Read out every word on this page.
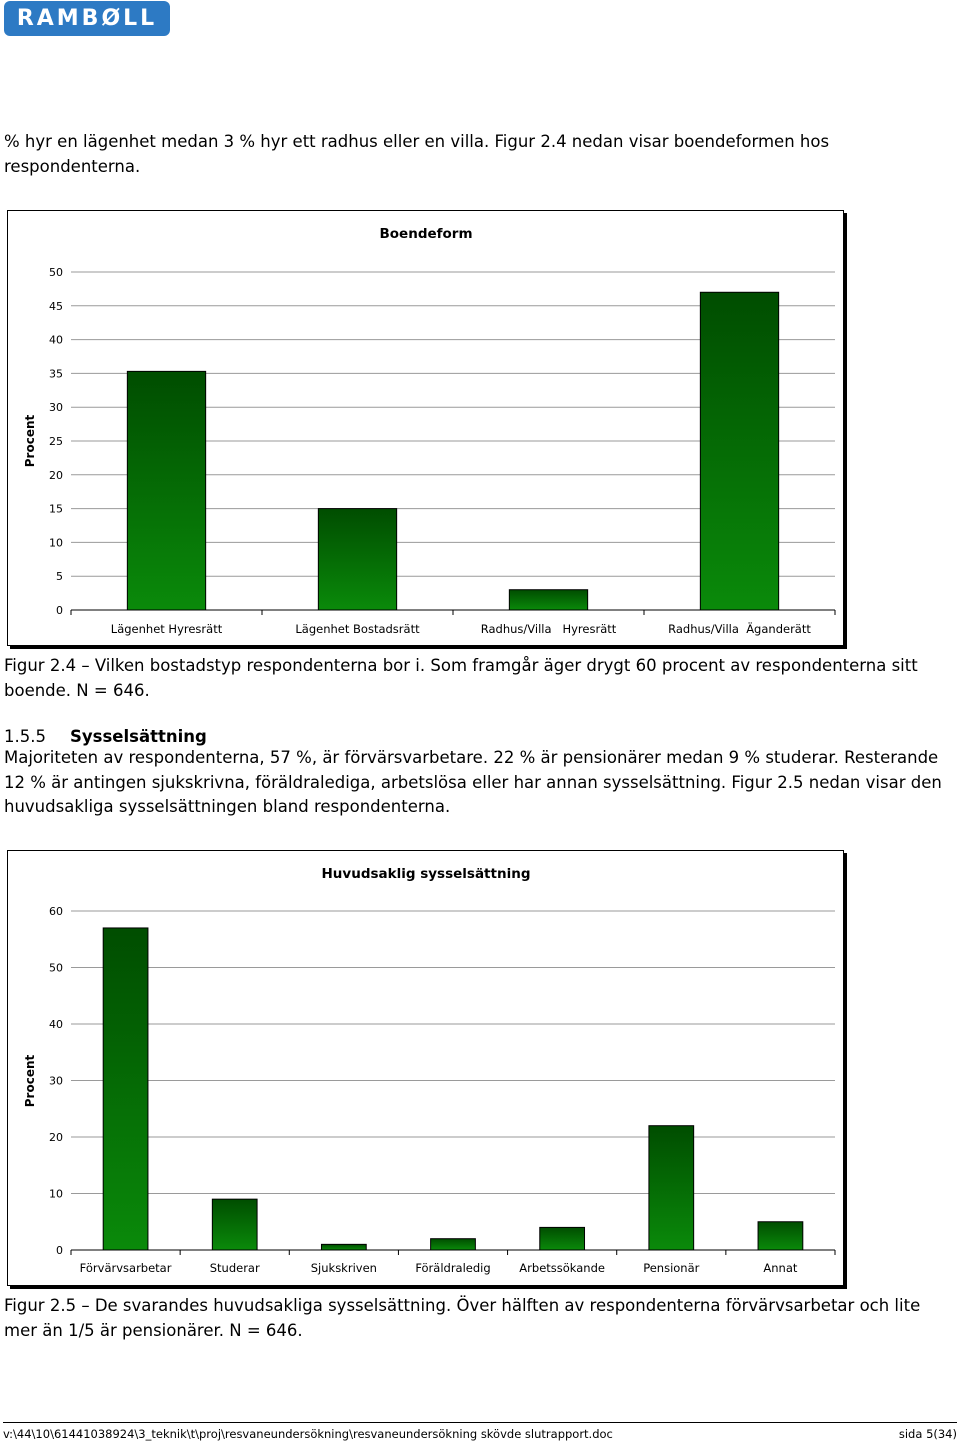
RAMBØLL

% hyr en lägenhet medan 3 % hyr ett radhus eller en villa. Figur 2.4 nedan visar boendeformen hos respondenterna.

Boendeform
Procent
0
5
10
15
20
25
30
35
40
45
50
Lägenhet Hyresrätt	Lägenhet Bostadsrätt	Radhus/Villa   Hyresrätt	Radhus/Villa  Äganderätt

Figur 2.4 – Vilken bostadstyp respondenterna bor i. Som framgår äger drygt 60 procent av respondenterna sitt boende. N = 646.

1.5.5 Sysselsättning

Majoriteten av respondenterna, 57 %, är förvärsvarbetare. 22 % är pensionärer medan 9 % studerar. Resterande 12 % är antingen sjukskrivna, föräldralediga, arbetslösa eller har annan sysselsättning. Figur 2.5 nedan visar den huvudsakliga sysselsättningen bland respondenterna.

Huvudsaklig sysselsättning
Procent
0
10
20
30
40
50
60
Förvärvsarbetar	Studerar	Sjukskriven	Föräldraledig Arbetssökande	Pensionär	Annat

Figur 2.5 – De svarandes huvudsakliga sysselsättning. Över hälften av respondenterna förvärvsarbetar och lite mer än 1/5 är pensionärer. N = 646.

v:\44\10\61441038924\3_teknik\t\proj\resvaneundersökning\resvaneundersökning skövde slutrapport.doc	sida 5(34)
